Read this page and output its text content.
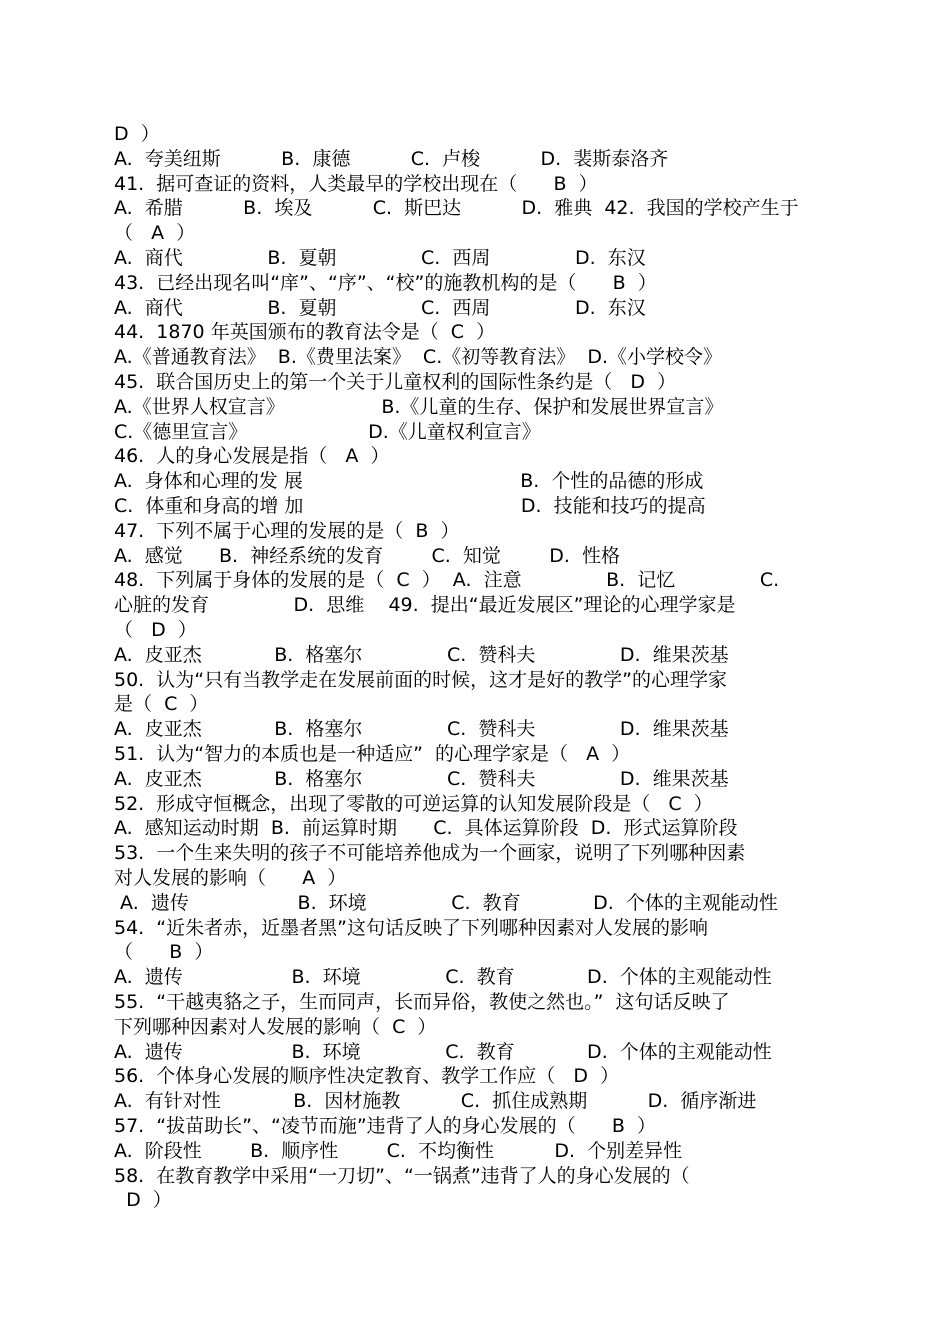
D  ）
A.  夸美纽斯          B.  康德          C.  卢梭          D.  裴斯泰洛齐
41.  据可查证的资料，人类最早的学校出现在（      B  ）
A.  希腊          B.  埃及          C.  斯巴达          D.  雅典  42.  我国的学校产生于
（   A  ）
A.  商代              B.  夏朝              C.  西周              D.  东汉
43.  已经出现名叫“庠”、“序”、“校”的施教机构的是（      B  ）
A.  商代              B.  夏朝              C.  西周              D.  东汉
44.  1870 年英国颁布的教育法令是（  C  ）
A.《普通教育法》  B.《费里法案》  C.《初等教育法》  D.《小学校令》
45.  联合国历史上的第一个关于儿童权利的国际性条约是（   D  ）
A.《世界人权宣言》                B.《儿童的生存、保护和发展世界宣言》
C.《德里宣言》                    D.《儿童权利宣言》
46.  人的身心发展是指（   A  ）
A.  身体和心理的发 展                                    B.  个性的品德的形成
C.  体重和身高的增 加                                    D.  技能和技巧的提高
47.  下列不属于心理的发展的是（  B  ）
A.  感觉      B.  神经系统的发育        C.  知觉        D.  性格
48.  下列属于身体的发展的是（  C  ）  A.  注意              B.  记忆              C.
心脏的发育              D.  思维    49.  提出“最近发展区”理论的心理学家是
（   D  ）
A.  皮亚杰            B.  格塞尔              C.  赞科夫              D.  维果茨基
50.  认为“只有当教学走在发展前面的时候，这才是好的教学”的心理学家
是（  C  ）
A.  皮亚杰            B.  格塞尔              C.  赞科夫              D.  维果茨基
51.  认为“智力的本质也是一种适应”  的心理学家是（   A  ）
A.  皮亚杰            B.  格塞尔              C.  赞科夫              D.  维果茨基
52.  形成守恒概念，出现了零散的可逆运算的认知发展阶段是（   C  ）
A.  感知运动时期  B.  前运算时期      C.  具体运算阶段  D.  形式运算阶段
53.  一个生来失明的孩子不可能培养他成为一个画家，说明了下列哪种因素
对人发展的影响（      A  ）
A.  遗传                  B.  环境              C.  教育            D.  个体的主观能动性
54.  “近朱者赤，近墨者黑”这句话反映了下列哪种因素对人发展的影响
（      B  ）
A.  遗传                  B.  环境              C.  教育            D.  个体的主观能动性
55.  “干越夷貉之子，生而同声，长而异俗，教使之然也。”  这句话反映了
下列哪种因素对人发展的影响（  C  ）
A.  遗传                  B.  环境              C.  教育            D.  个体的主观能动性
56.  个体身心发展的顺序性决定教育、教学工作应（   D  ）
A.  有针对性            B.  因材施教          C.  抓住成熟期          D.  循序渐进
57.  “拔苗助长”、“凌节而施”违背了人的身心发展的（      B  ）
A.  阶段性        B.  顺序性        C.  不均衡性          D.  个别差异性
58.  在教育教学中采用“一刀切”、“一锅煮”违背了人的身心发展的（
D  ）
